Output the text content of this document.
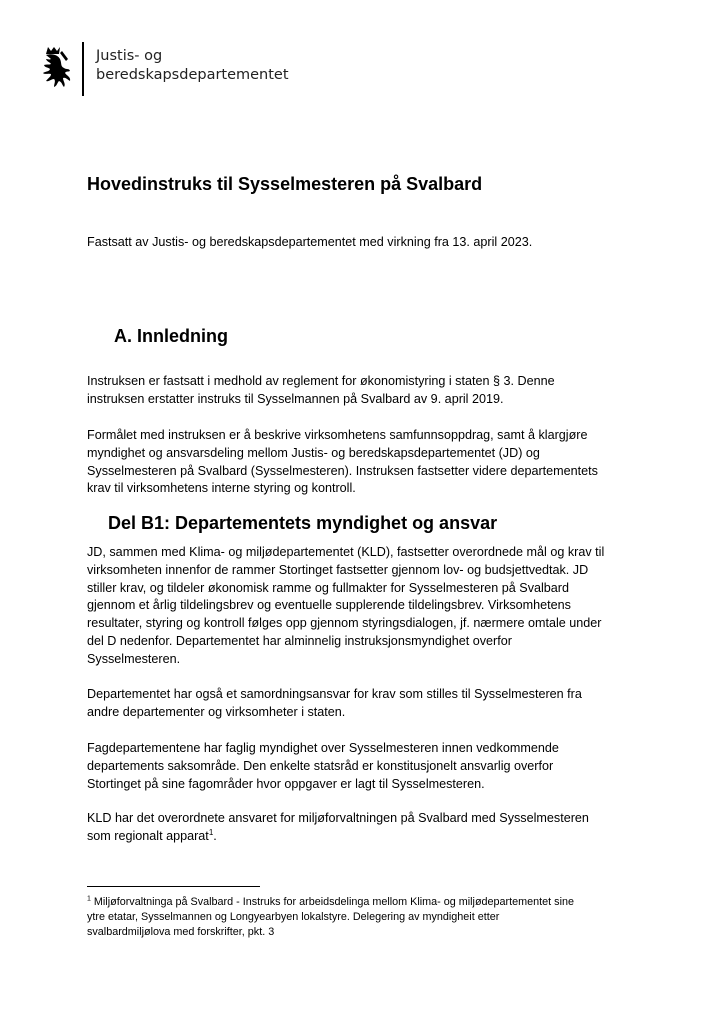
Justis- og
beredskapsdepartementet
Hovedinstruks til Sysselmesteren på Svalbard

Fastsatt av Justis- og beredskapsdepartementet med virkning fra 13. april 2023.

A. Innledning
Instruksen er fastsatt i medhold av reglement for økonomistyring i staten § 3. Denne
instruksen erstatter instruks til Sysselmannen på Svalbard av 9. april 2019.
Formålet med instruksen er å beskrive virksomhetens samfunnsoppdrag, samt å klargjøre
myndighet og ansvarsdeling mellom Justis- og beredskapsdepartementet (JD) og
Sysselmesteren på Svalbard (Sysselmesteren). Instruksen fastsetter videre departementets
krav til virksomhetens interne styring og kontroll.
Del B1: Departementets myndighet og ansvar
JD, sammen med Klima- og miljødepartementet (KLD), fastsetter overordnede mål og krav til
virksomheten innenfor de rammer Stortinget fastsetter gjennom lov- og budsjettvedtak. JD
stiller krav, og tildeler økonomisk ramme og fullmakter for Sysselmesteren på Svalbard
gjennom et årlig tildelingsbrev og eventuelle supplerende tildelingsbrev. Virksomhetens
resultater, styring og kontroll følges opp gjennom styringsdialogen, jf. nærmere omtale under
del D nedenfor. Departementet har alminnelig instruksjonsmyndighet overfor
Sysselmesteren.
Departementet har også et samordningsansvar for krav som stilles til Sysselmesteren fra
andre departementer og virksomheter i staten.
Fagdepartementene har faglig myndighet over Sysselmesteren innen vedkommende
departements saksområde. Den enkelte statsråd er konstitusjonelt ansvarlig overfor
Stortinget på sine fagområder hvor oppgaver er lagt til Sysselmesteren.
KLD har det overordnete ansvaret for miljøforvaltningen på Svalbard med Sysselmesteren
som regionalt apparat$^1$.
$^1$ Miljøforvaltninga på Svalbard - Instruks for arbeidsdelinga mellom Klima- og miljødepartementet sine
ytre etatar, Sysselmannen og Longyearbyen lokalstyre. Delegering av myndigheit etter
svalbardmiljølova med forskrifter, pkt. 3
